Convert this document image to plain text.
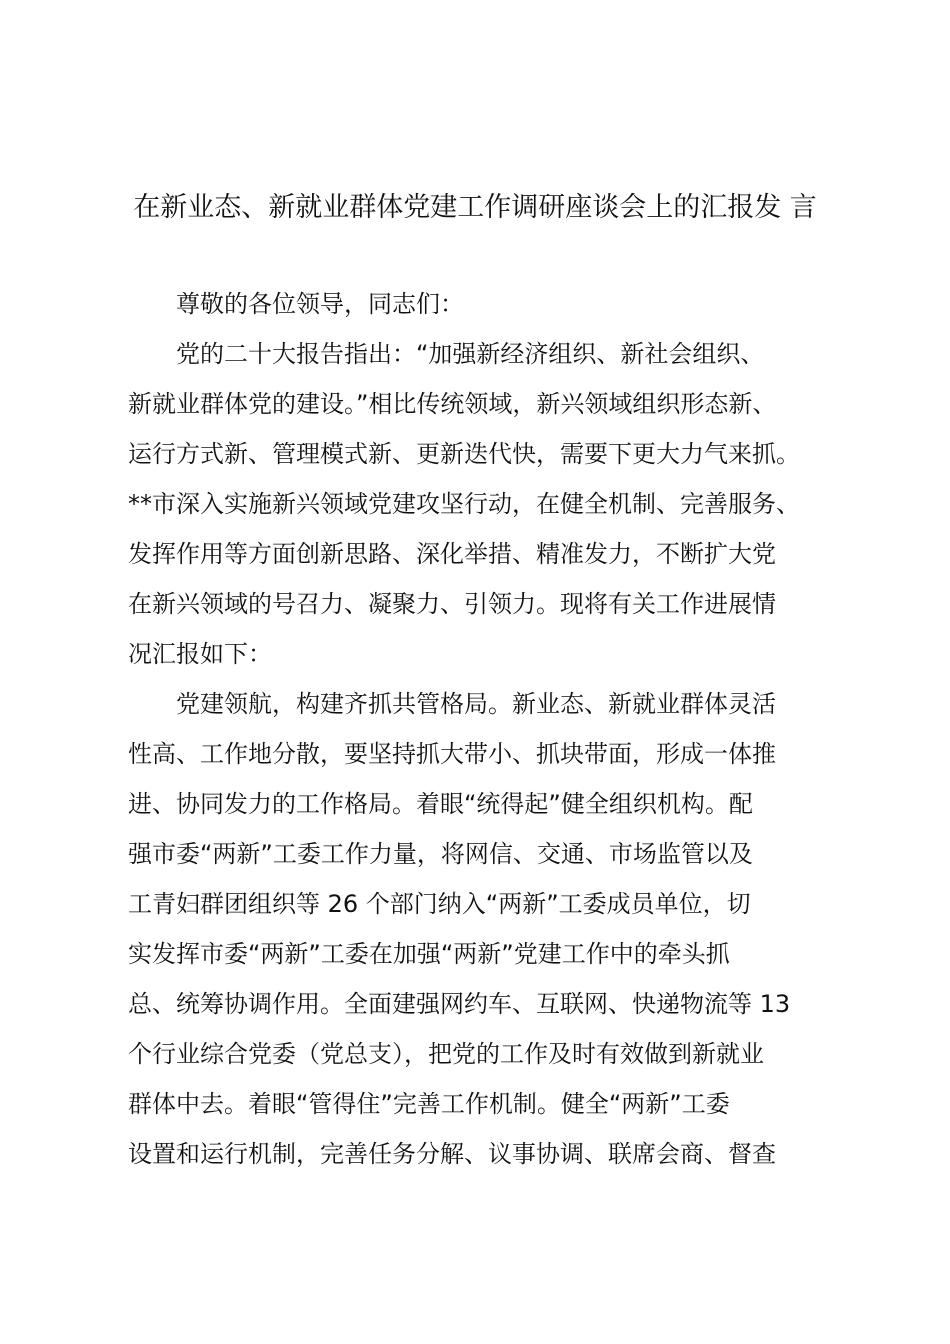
在新业态、新就业群体党建工作调研座谈会上的汇报发 言

尊敬的各位领导，同志们：

党的二十大报告指出：“加强新经济组织、新社会组织、
新就业群体党的建设。”相比传统领域，新兴领域组织形态新、
运行方式新、管理模式新、更新迭代快，需要下更大力气来抓。
**市深入实施新兴领域党建攻坚行动，在健全机制、完善服务、
发挥作用等方面创新思路、深化举措、精准发力，不断扩大党
在新兴领域的号召力、凝聚力、引领力。现将有关工作进展情
况汇报如下：

党建领航，构建齐抓共管格局。新业态、新就业群体灵活
性高、工作地分散，要坚持抓大带小、抓块带面，形成一体推
进、协同发力的工作格局。着眼“统得起”健全组织机构。配
强市委“两新”工委工作力量，将网信、交通、市场监管以及
工青妇群团组织等 26 个部门纳入“两新”工委成员单位，切
实发挥市委“两新”工委在加强“两新”党建工作中的牵头抓
总、统筹协调作用。全面建强网约车、互联网、快递物流等 13
个行业综合党委（党总支），把党的工作及时有效做到新就业
群体中去。着眼“管得住”完善工作机制。健全“两新”工委
设置和运行机制，完善任务分解、议事协调、联席会商、督查
